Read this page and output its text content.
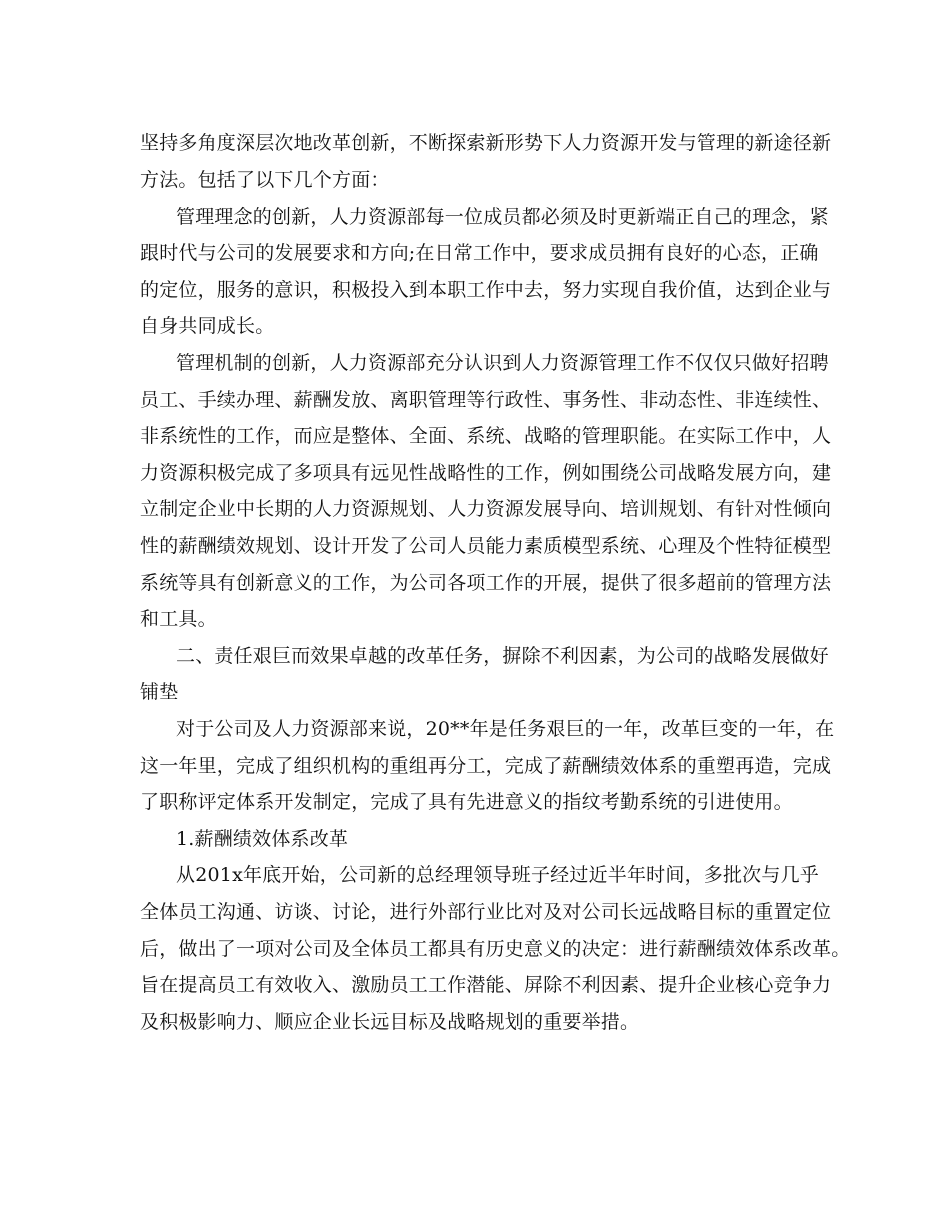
坚持多角度深层次地改革创新，不断探索新形势下人力资源开发与管理的新途径新
方法。包括了以下几个方面：
管理理念的创新，人力资源部每一位成员都必须及时更新端正自己的理念，紧
跟时代与公司的发展要求和方向;在日常工作中，要求成员拥有良好的心态，正确
的定位，服务的意识，积极投入到本职工作中去，努力实现自我价值，达到企业与
自身共同成长。
管理机制的创新，人力资源部充分认识到人力资源管理工作不仅仅只做好招聘
员工、手续办理、薪酬发放、离职管理等行政性、事务性、非动态性、非连续性、
非系统性的工作，而应是整体、全面、系统、战略的管理职能。在实际工作中，人
力资源积极完成了多项具有远见性战略性的工作，例如围绕公司战略发展方向，建
立制定企业中长期的人力资源规划、人力资源发展导向、培训规划、有针对性倾向
性的薪酬绩效规划、设计开发了公司人员能力素质模型系统、心理及个性特征模型
系统等具有创新意义的工作，为公司各项工作的开展，提供了很多超前的管理方法
和工具。
二、责任艰巨而效果卓越的改革任务，摒除不利因素，为公司的战略发展做好
铺垫
对于公司及人力资源部来说，20**年是任务艰巨的一年，改革巨变的一年，在
这一年里，完成了组织机构的重组再分工，完成了薪酬绩效体系的重塑再造，完成
了职称评定体系开发制定，完成了具有先进意义的指纹考勤系统的引进使用。
1.薪酬绩效体系改革
从201x年底开始，公司新的总经理领导班子经过近半年时间，多批次与几乎
全体员工沟通、访谈、讨论，进行外部行业比对及对公司长远战略目标的重置定位
后，做出了一项对公司及全体员工都具有历史意义的决定：进行薪酬绩效体系改革。
旨在提高员工有效收入、激励员工工作潜能、屏除不利因素、提升企业核心竞争力
及积极影响力、顺应企业长远目标及战略规划的重要举措。
